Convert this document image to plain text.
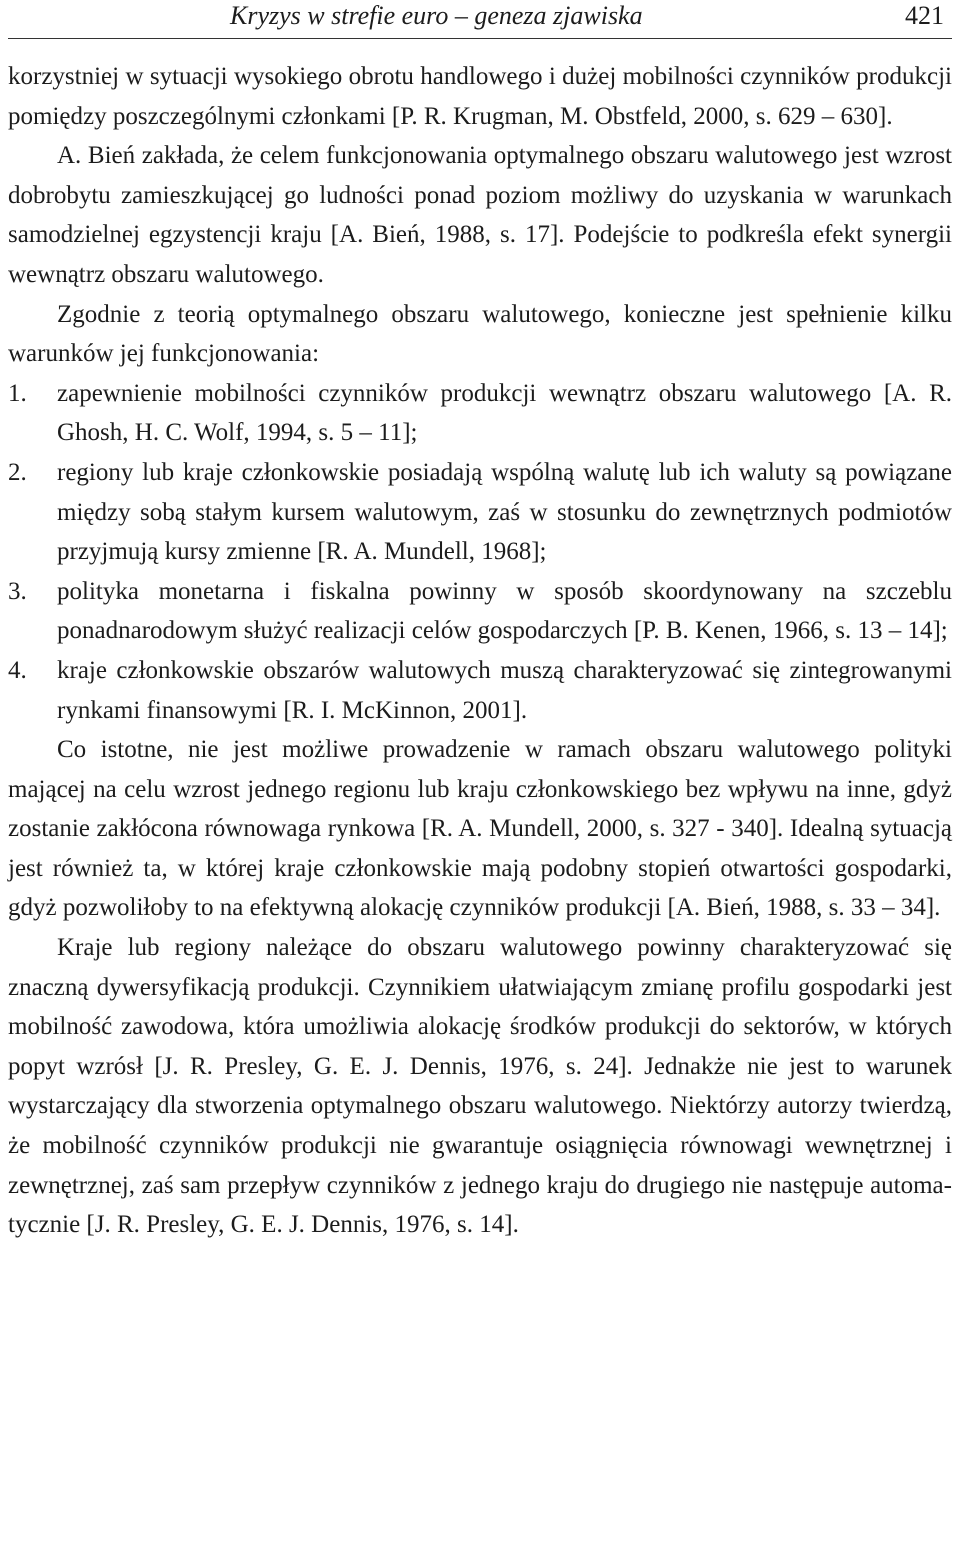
Kryzys w strefie euro – geneza zjawiska	421

korzystniej w sytuacji wysokiego obrotu handlowego i dużej mobilności czynników produkcji pomiędzy poszczególnymi członkami [P. R. Krugman, M. Obstfeld, 2000, s. 629 – 630].

A. Bień zakłada, że celem funkcjonowania optymalnego obszaru walutowego jest wzrost dobrobytu zamieszkującej go ludności ponad poziom możliwy do uzyskania w warunkach samodzielnej egzystencji kraju [A. Bień, 1988, s. 17]. Podejście to podkreśla efekt synergii wewnątrz obszaru walutowego.

Zgodnie z teorią optymalnego obszaru walutowego, konieczne jest spełnienie kilku warunków jej funkcjonowania:

1. zapewnienie mobilności czynników produkcji wewnątrz obszaru walutowego [A. R. Ghosh, H. C. Wolf, 1994, s. 5 – 11];
2. regiony lub kraje członkowskie posiadają wspólną walutę lub ich waluty są powiązane między sobą stałym kursem walutowym, zaś w stosunku do zewnętrznych podmiotów przyjmują kursy zmienne [R. A. Mundell, 1968];
3. polityka monetarna i fiskalna powinny w sposób skoordynowany na szczeblu ponadnarodowym służyć realizacji celów gospodarczych [P. B. Kenen, 1966, s. 13 – 14];
4. kraje członkowskie obszarów walutowych muszą charakteryzować się zintegrowanymi rynkami finansowymi [R. I. McKinnon, 2001].

Co istotne, nie jest możliwe prowadzenie w ramach obszaru walutowego polityki mającej na celu wzrost jednego regionu lub kraju członkowskiego bez wpływu na inne, gdyż zostanie zakłócona równowaga rynkowa [R. A. Mundell, 2000, s. 327 - 340]. Idealną sytuacją jest również ta, w której kraje członkowskie mają podobny stopień otwartości gospodarki, gdyż pozwoliłoby to na efektywną alokację czynników produkcji [A. Bień, 1988, s. 33 – 34].

Kraje lub regiony należące do obszaru walutowego powinny charakteryzować się znaczną dywersyfikacją produkcji. Czynnikiem ułatwiającym zmianę profilu gospodarki jest mobilność zawodowa, która umożliwia alokację środków produkcji do sektorów, w których popyt wzrósł [J. R. Presley, G. E. J. Dennis, 1976, s. 24]. Jednakże nie jest to warunek wystarczający dla stworzenia optymalnego obszaru walutowego. Niektórzy autorzy twierdzą, że mobilność czynników produkcji nie gwarantuje osiągnięcia równowagi wewnętrznej i zewnętrznej, zaś sam przepływ czynników z jednego kraju do drugiego nie następuje automatycznie [J. R. Presley, G. E. J. Dennis, 1976, s. 14].
